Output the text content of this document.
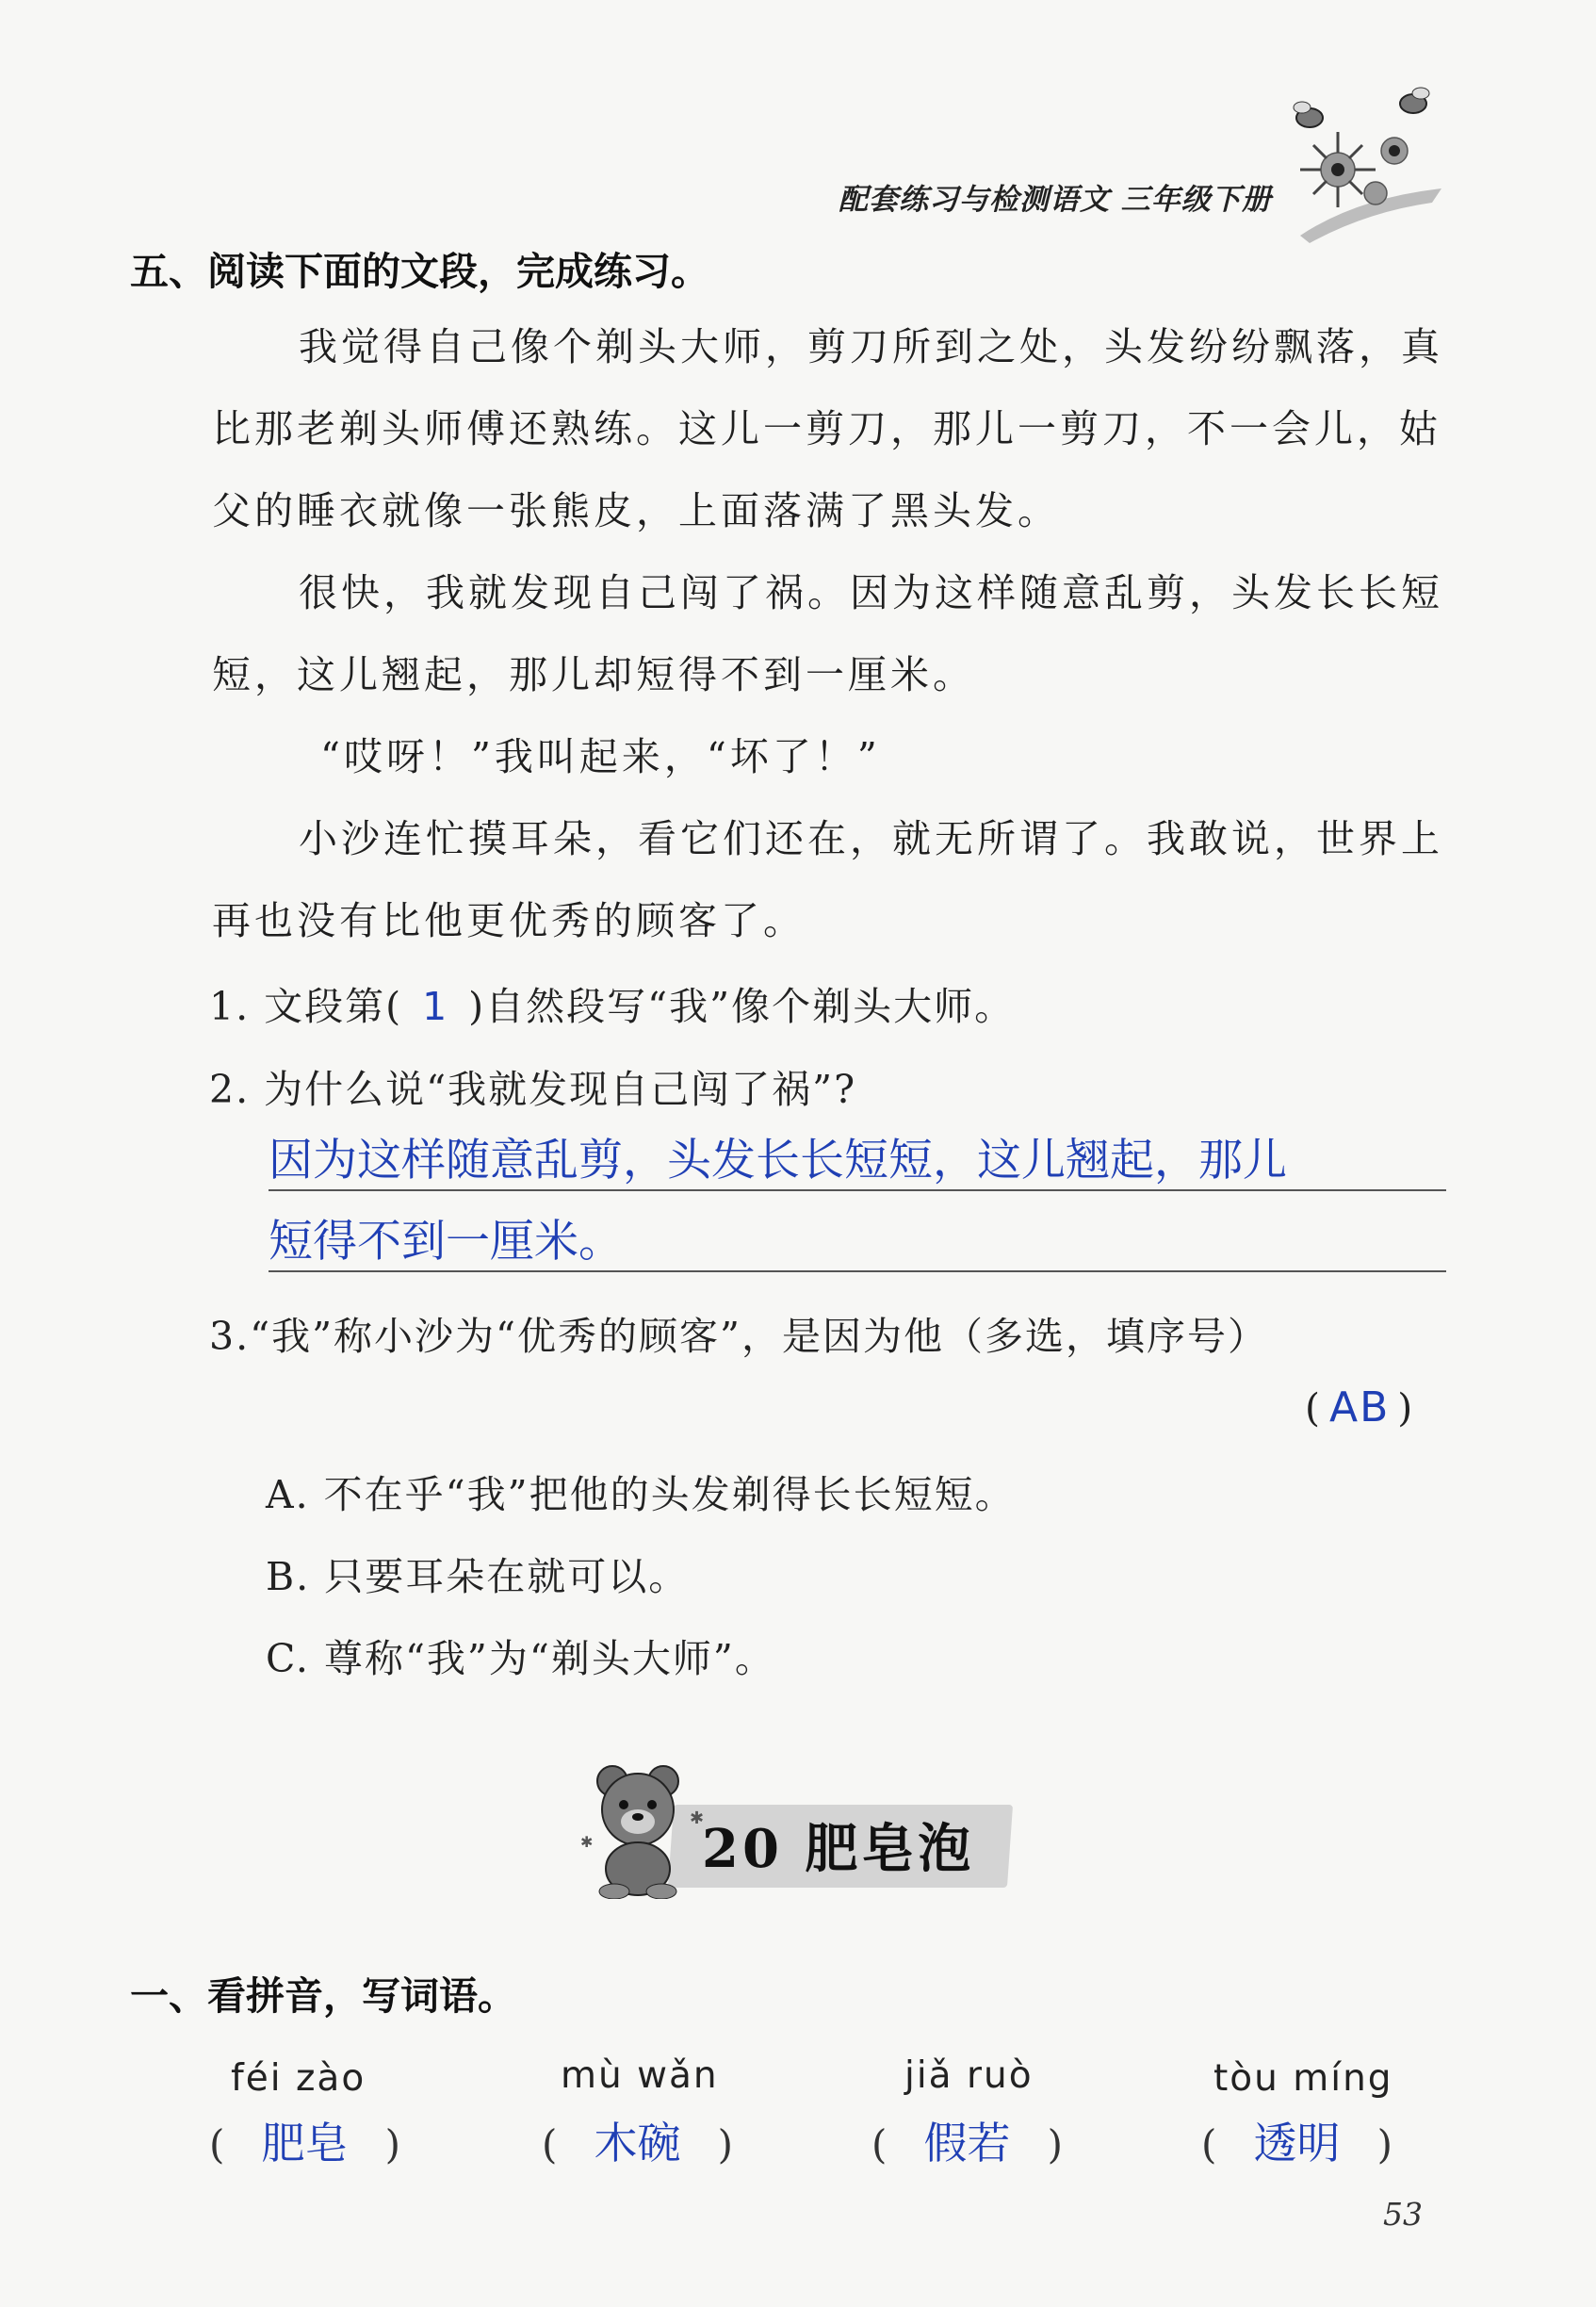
配套练习与检测语文 三年级下册
五、阅读下面的文段，完成练习。

我觉得自己像个剃头大师，剪刀所到之处，头发纷纷飘落，真比那老剃头师傅还熟练。这儿一剪刀，那儿一剪刀，不一会儿，姑父的睡衣就像一张熊皮，上面落满了黑头发。

很快，我就发现自己闯了祸。因为这样随意乱剪，头发长长短短，这儿翘起，那儿却短得不到一厘米。

“哎呀！”我叫起来，“坏了！”

小沙连忙摸耳朵，看它们还在，就无所谓了。我敢说，世界上再也没有比他更优秀的顾客了。

1. 文段第( 1 )自然段写“我”像个剃头大师。
2. 为什么说“我就发现自己闯了祸”?
因为这样随意乱剪，头发长长短短，这儿翘起，那儿
短得不到一厘米。
3.“我”称小沙为“优秀的顾客”，是因为他（多选，填序号）
( AB )
A. 不在乎“我”把他的头发剃得长长短短。
B. 只要耳朵在就可以。
C. 尊称“我”为“剃头大师”。
✱
✱ 20 肥皂泡
一、看拼音，写词语。
féi zào	mù wǎn	jiǎ ruò	tòu míng
( 肥皂 )	( 木碗 )	( 假若 )	( 透明 )
53
